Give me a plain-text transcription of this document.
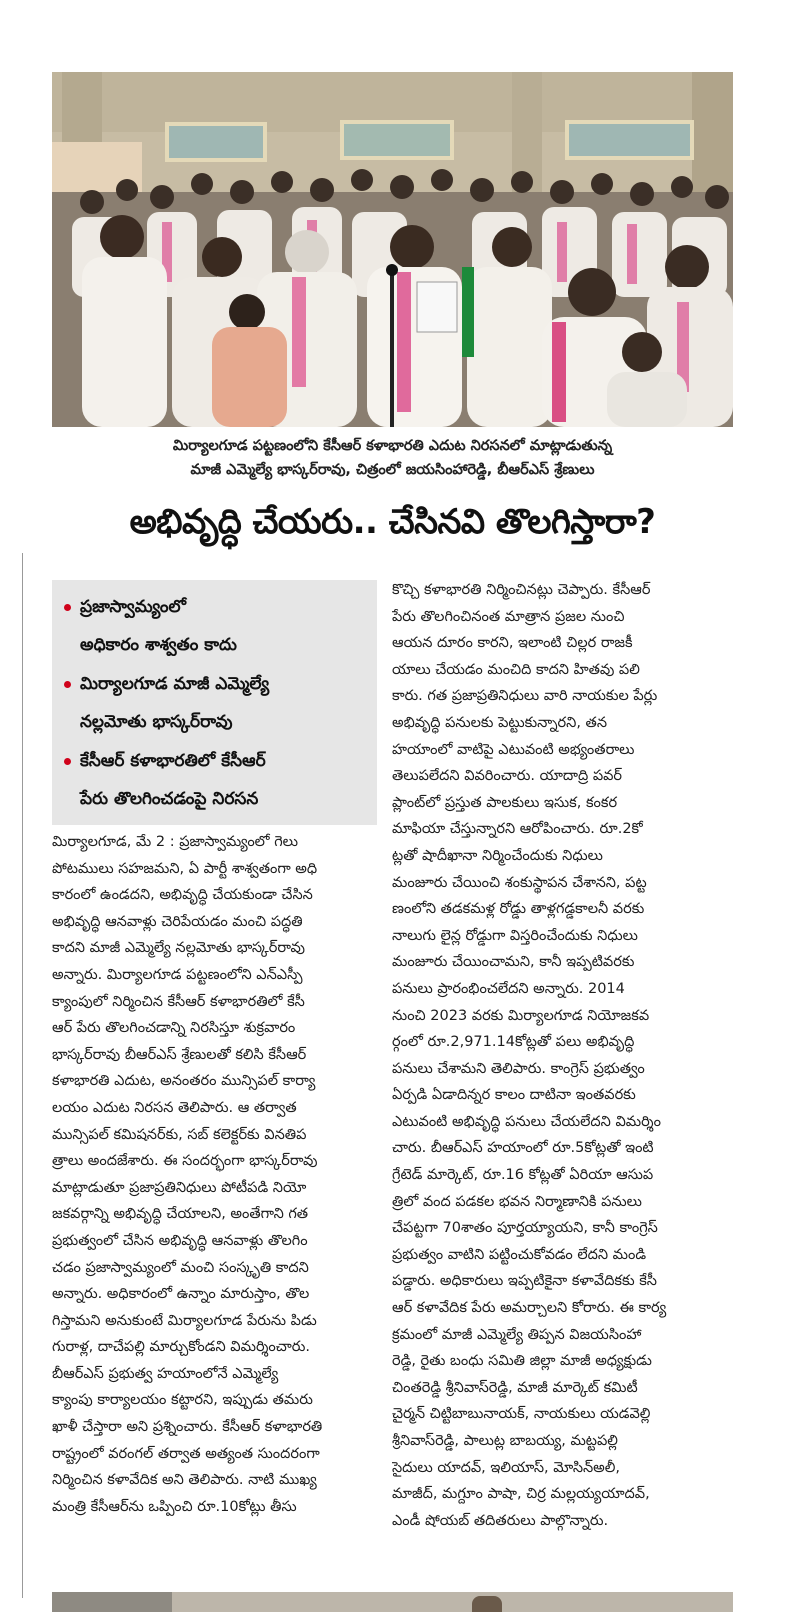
మిర్యాలగూడ పట్టణంలోని కేసీఆర్ కళాభారతి ఎదుట నిరసనలో మాట్లాడుతున్న
మాజీ ఎమ్మెల్యే భాస్కర్‌రావు, చిత్రంలో జయసింహారెడ్డి, బీఆర్ఎస్ శ్రేణులు
అభివృద్ధి చేయరు.. చేసినవి తొలగిస్తారా?
ప్రజాస్వామ్యంలో
అధికారం శాశ్వతం కాదు
మిర్యాలగూడ మాజీ ఎమ్మెల్యే
నల్లమోతు భాస్కర్‌రావు
కేసీఆర్ కళాభారతిలో కేసీఆర్
పేరు తొలగించడంపై నిరసన
మిర్యాలగూడ, మే 2 : ప్రజాస్వామ్యంలో గెలు
పోటములు సహజమని, ఏ పార్టీ శాశ్వతంగా అధి
కారంలో ఉండదని, అభివృద్ధి చేయకుండా చేసిన
అభివృద్ధి ఆనవాళ్లు చెరిపేయడం మంచి పద్ధతి
కాదని మాజీ ఎమ్మెల్యే నల్లమోతు భాస్కర్‌రావు
అన్నారు. మిర్యాలగూడ పట్టణంలోని ఎన్ఎస్పీ
క్యాంపులో నిర్మించిన కేసీఆర్ కళాభారతిలో కేసీ
ఆర్ పేరు తొలగించడాన్ని నిరసిస్తూ శుక్రవారం
భాస్కర్‌రావు బీఆర్ఎస్ శ్రేణులతో కలిసి కేసీఆర్
కళాభారతి ఎదుట, అనంతరం మున్సిపల్ కార్యా
లయం ఎదుట నిరసన తెలిపారు. ఆ తర్వాత
మున్సిపల్ కమిషనర్‌కు, సబ్ కలెక్టర్‌కు వినతిప
త్రాలు అందజేశారు. ఈ సందర్భంగా భాస్కర్‌రావు
మాట్లాడుతూ ప్రజాప్రతినిధులు పోటీపడి నియో
జకవర్గాన్ని అభివృద్ధి చేయాలని, అంతేగాని గత
ప్రభుత్వంలో చేసిన అభివృద్ధి ఆనవాళ్లు తొలగిం
చడం ప్రజాస్వామ్యంలో మంచి సంస్కృతి కాదని
అన్నారు. అధికారంలో ఉన్నాం మారుస్తాం, తొల
గిస్తామని అనుకుంటే మిర్యాలగూడ పేరును పిడు
గురాళ్ల, దాచేపల్లి మార్చుకోండని విమర్శించారు.
బీఆర్ఎస్ ప్రభుత్వ హయాంలోనే ఎమ్మెల్యే
క్యాంపు కార్యాలయం కట్టారని, ఇప్పుడు తమరు
ఖాళీ చేస్తారా అని ప్రశ్నించారు. కేసీఆర్ కళాభారతి
రాష్ట్రంలో వరంగల్ తర్వాత అత్యంత సుందరంగా
నిర్మించిన కళావేదిక అని తెలిపారు. నాటి ముఖ్య
మంత్రి కేసీఆర్‌ను ఒప్పించి రూ.10కోట్లు తీసు
కొచ్చి కళాభారతి నిర్మించినట్లు చెప్పారు. కేసీఆర్
పేరు తొలగించినంత మాత్రాన ప్రజల నుంచి
ఆయన దూరం కారని, ఇలాంటి చిల్లర రాజకీ
యాలు చేయడం మంచిది కాదని హితవు పలి
కారు. గత ప్రజాప్రతినిధులు వారి నాయకుల పేర్లు
అభివృద్ధి పనులకు పెట్టుకున్నారని, తన
హయాంలో వాటిపై ఎటువంటి అభ్యంతరాలు
తెలుపలేదని వివరించారు. యాదాద్రి పవర్
ప్లాంట్‌లో ప్రస్తుత పాలకులు ఇసుక, కంకర
మాఫియా చేస్తున్నారని ఆరోపించారు. రూ.2కో
ట్లతో షాదీఖానా నిర్మించేందుకు నిధులు
మంజూరు చేయించి శంకుస్థాపన చేశానని, పట్ట
ణంలోని తడకమళ్ల రోడ్డు తాళ్లగడ్డకాలనీ వరకు
నాలుగు లైన్ల రోడ్డుగా విస్తరించేందుకు నిధులు
మంజూరు చేయించామని, కానీ ఇప్పటివరకు
పనులు ప్రారంభించలేదని అన్నారు. 2014
నుంచి 2023 వరకు మిర్యాలగూడ నియోజకవ
ర్గంలో రూ.2,971.14కోట్లతో పలు అభివృద్ధి
పనులు చేశామని తెలిపారు. కాంగ్రెస్ ప్రభుత్వం
ఏర్పడి ఏడాదిన్నర కాలం దాటినా ఇంతవరకు
ఎటువంటి అభివృద్ధి పనులు చేయలేదని విమర్శిం
చారు. బీఆర్ఎస్ హయాంలో రూ.5కోట్లతో ఇంటి
గ్రేటెడ్ మార్కెట్, రూ.16 కోట్లతో ఏరియా ఆసుప
త్రిలో వంద పడకల భవన నిర్మాణానికి పనులు
చేపట్టగా 70శాతం పూర్తయ్యాయని, కానీ కాంగ్రెస్
ప్రభుత్వం వాటిని పట్టించుకోవడం లేదని మండి
పడ్డారు. అధికారులు ఇప్పటికైనా కళావేదికకు కేసీ
ఆర్ కళావేదిక పేరు అమర్చాలని కోరారు. ఈ కార్య
క్రమంలో మాజీ ఎమ్మెల్యే తిప్పన విజయసింహా
రెడ్డి, రైతు బంధు సమితి జిల్లా మాజీ అధ్యక్షుడు
చింతరెడ్డి శ్రీనివాస్‌రెడ్డి, మాజీ మార్కెట్ కమిటీ
చైర్మన్ చిట్టిబాబునాయక్, నాయకులు యడవెల్లి
శ్రీనివాస్‌రెడ్డి, పాలుట్ల బాబయ్య, మట్టపల్లి
సైదులు యాదవ్, ఇలియాస్, మోసిన్‌అలీ,
మాజీద్, మగ్దూం పాషా, చిర్ర మల్లయ్యయాదవ్,
ఎండీ షోయబ్ తదితరులు పాల్గొన్నారు.
